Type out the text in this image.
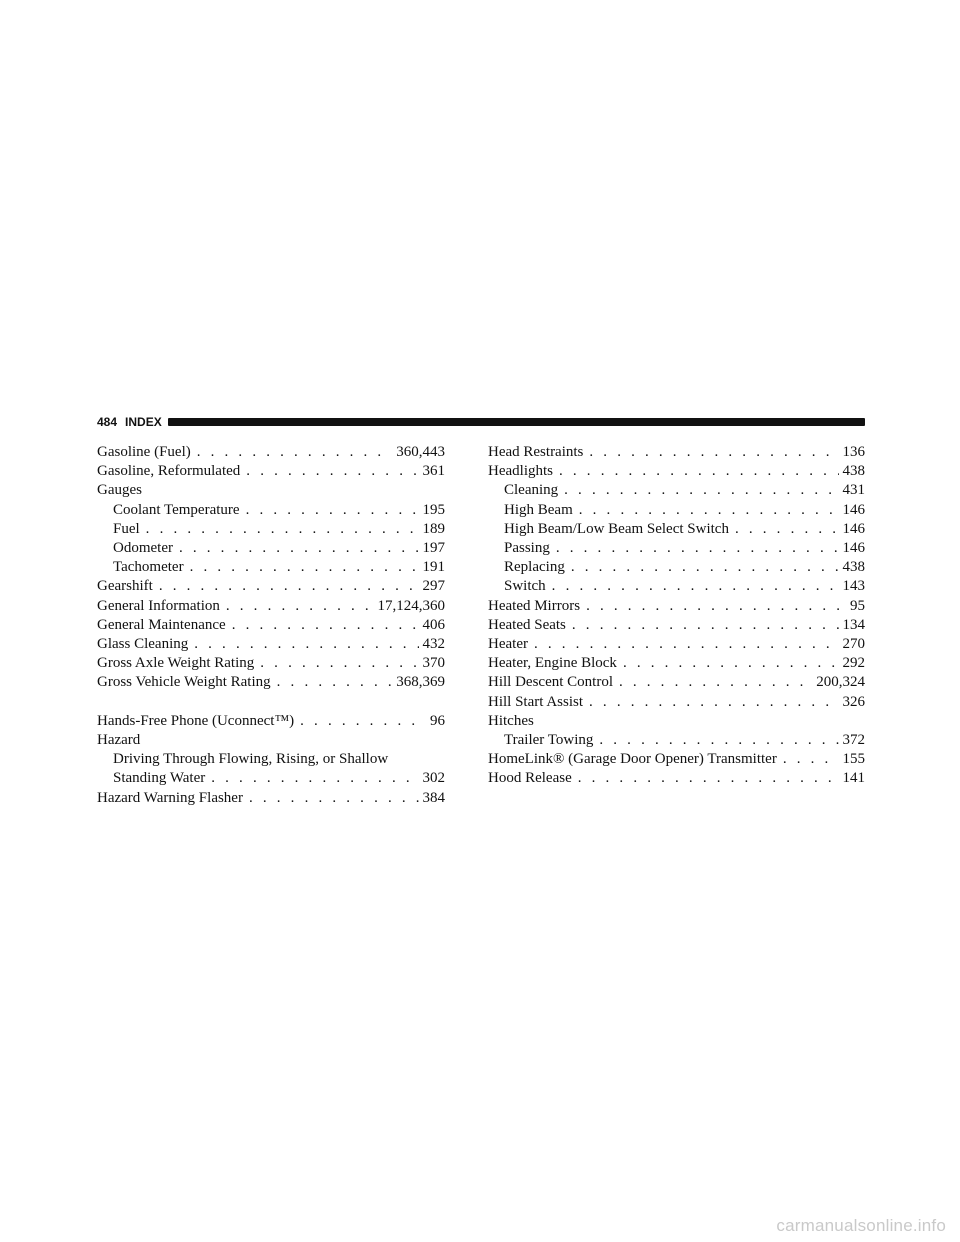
484 INDEX
Gasoline (Fuel) . . .	360,443
Gasoline, Reformulated . . .	361
Gauges
Coolant Temperature . . .	195
Fuel . . .	189
Odometer . . .	197
Tachometer . . .	191
Gearshift . . .	297
General Information . . .	17,124,360
General Maintenance . . .	406
Glass Cleaning . . .	432
Gross Axle Weight Rating . . .	370
Gross Vehicle Weight Rating . . .	368,369
Hands-Free Phone (Uconnect™) . . .	96
Hazard
Driving Through Flowing, Rising, or Shallow
Standing Water . . .	302
Hazard Warning Flasher . . .	384
Head Restraints . . .	136
Headlights . . .	438
Cleaning . . .	431
High Beam . . .	146
High Beam/Low Beam Select Switch . . .	146
Passing . . .	146
Replacing . . .	438
Switch . . .	143
Heated Mirrors . . .	95
Heated Seats . . .	134
Heater . . .	270
Heater, Engine Block . . .	292
Hill Descent Control . . .	200,324
Hill Start Assist . . .	326
Hitches
Trailer Towing . . .	372
HomeLink® (Garage Door Opener) Transmitter . . .	155
Hood Release . . .	141
carmanualsonline.info
